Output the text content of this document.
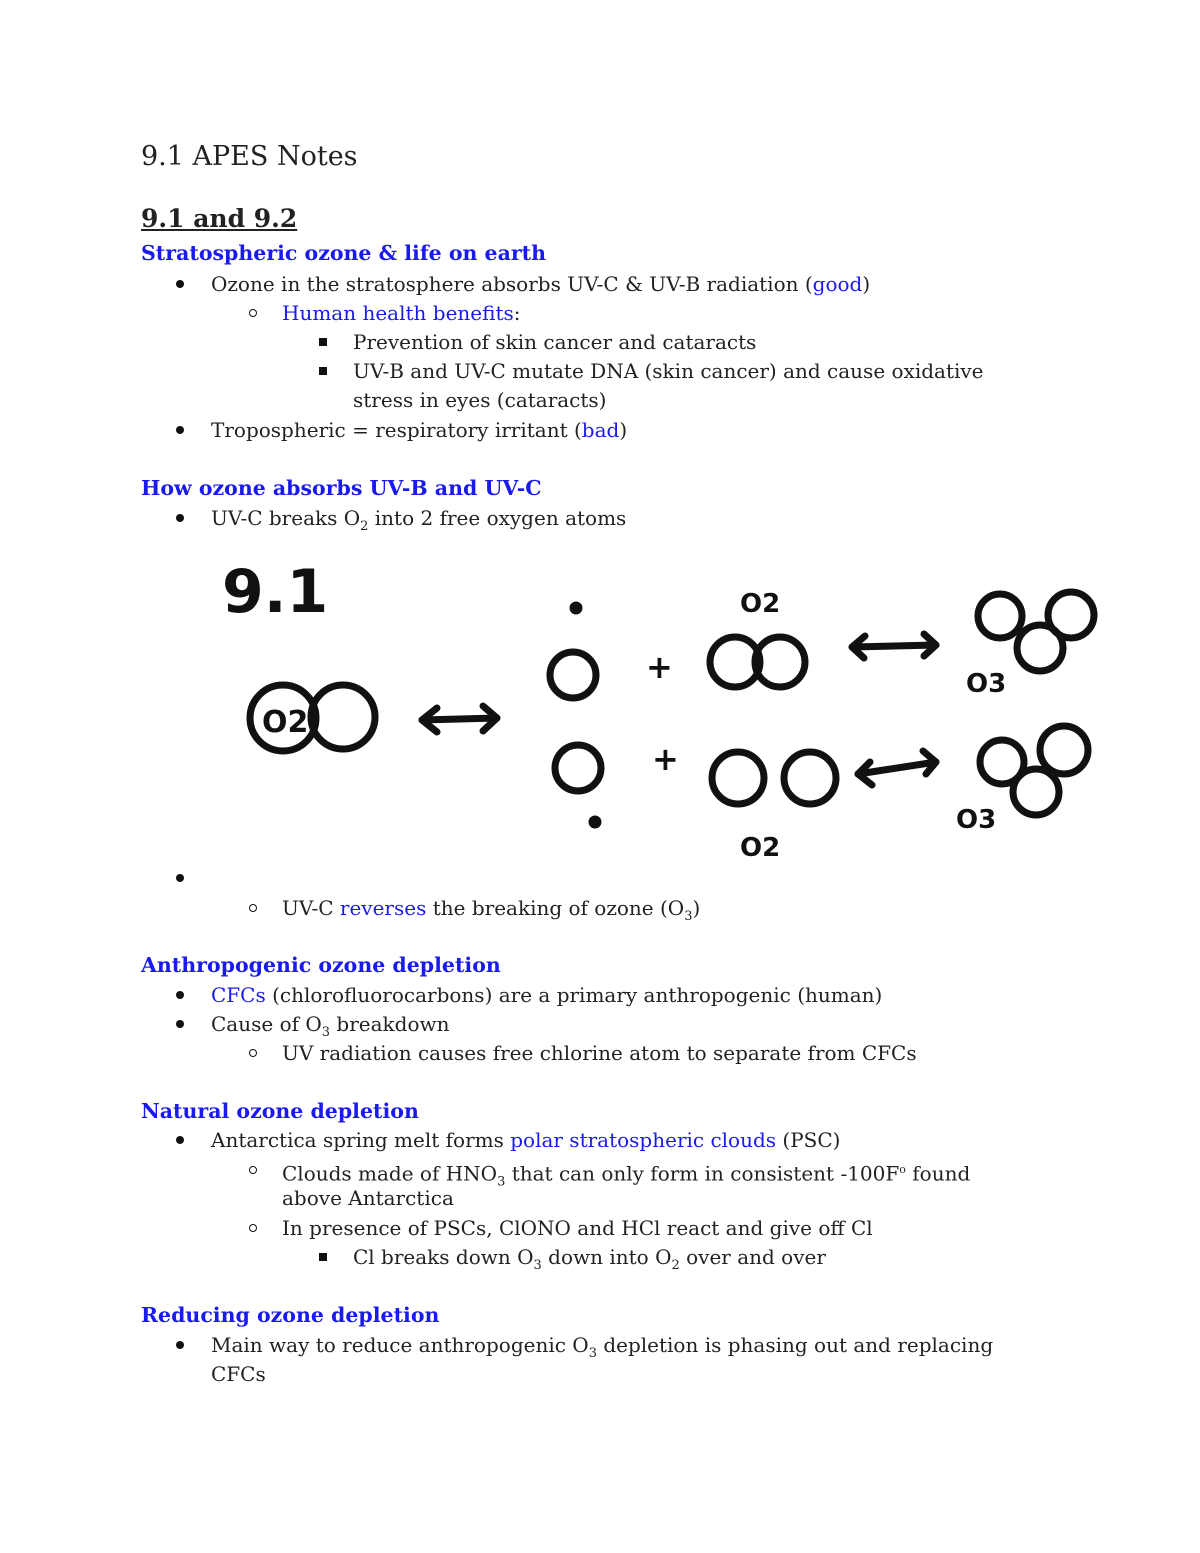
9.1 APES Notes
9.1 and 9.2
Stratospheric ozone & life on earth
Ozone in the stratosphere absorbs UV-C & UV-B radiation (good)
Human health benefits:
Prevention of skin cancer and cataracts
UV-B and UV-C mutate DNA (skin cancer) and cause oxidative
stress in eyes (cataracts)
Tropospheric = respiratory irritant (bad)
How ozone absorbs UV-B and UV-C
UV-C breaks $O_2$ into 2 free oxygen atoms
9.1
O2
O2
O2
O3
O3
+
+
UV-C reverses the breaking of ozone $(O_3)$
Anthropogenic ozone depletion
CFCs (chlorofluorocarbons) are a primary anthropogenic (human)
Cause of $O_3$ breakdown
UV radiation causes free chlorine atom to separate from CFCs
Natural ozone depletion
Antarctica spring melt forms polar stratospheric clouds (PSC)
Clouds made of $HNO_3$ that can only form in consistent $-100F^o$ found
above Antarctica
In presence of PSCs, ClONO and HCl react and give off Cl
Cl breaks down $O_3$ down into $O_2$ over and over
Reducing ozone depletion
Main way to reduce anthropogenic $O_3$ depletion is phasing out and replacing
CFCs
